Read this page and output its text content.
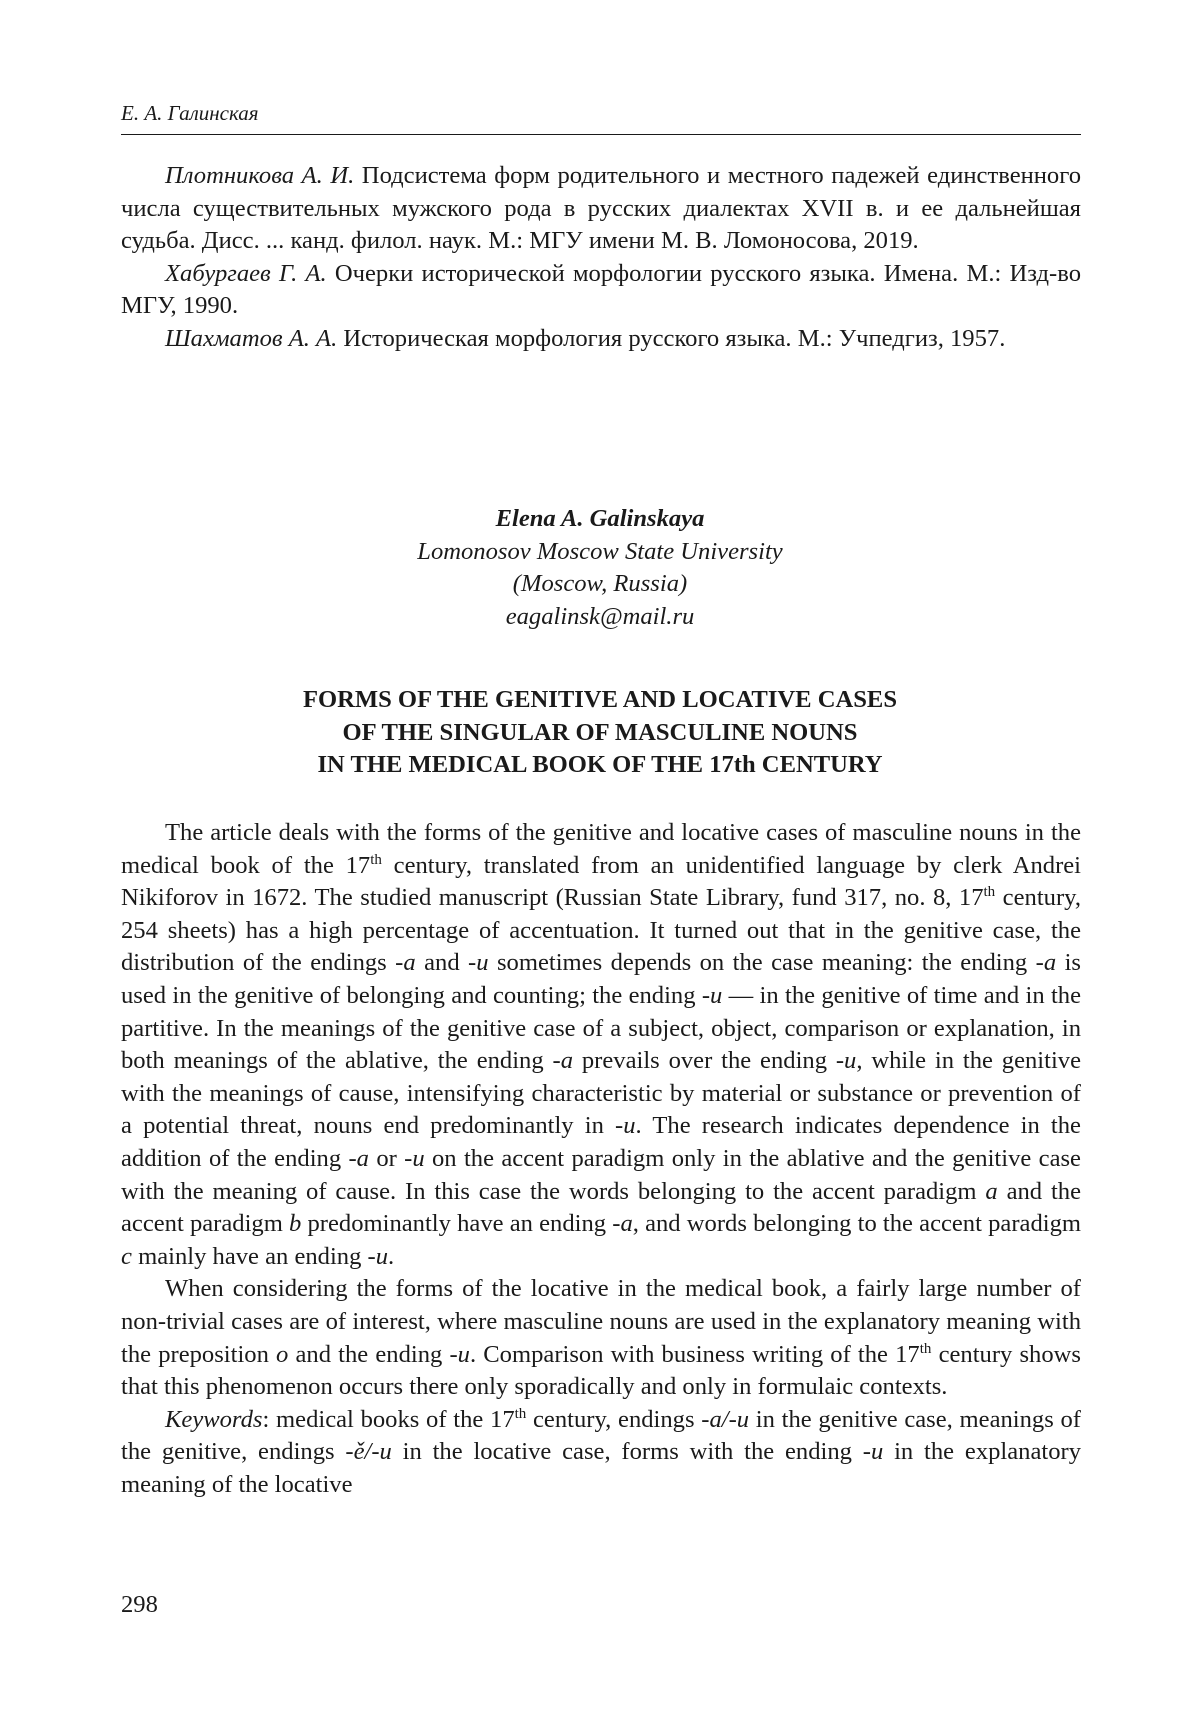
Е. А. Галинская

Плотникова А. И. Подсистема форм родительного и местного падежей единственного числа существительных мужского рода в русских диалектах XVII в. и ее дальнейшая судьба. Дисс. ... канд. филол. наук. М.: МГУ имени М. В. Ломоносова, 2019.

Хабургаев Г. А. Очерки исторической морфологии русского языка. Имена. М.: Изд-во МГУ, 1990.

Шахматов А. А. Историческая морфология русского языка. М.: Учпедгиз, 1957.

Elena A. Galinskaya
Lomonosov Moscow State University
(Moscow, Russia)
eagalinsk@mail.ru
FORMS OF THE GENITIVE AND LOCATIVE CASES
OF THE SINGULAR OF MASCULINE NOUNS
IN THE MEDICAL BOOK OF THE 17th CENTURY

The article deals with the forms of the genitive and locative cases of masculine nouns in the medical book of the 17th century, translated from an unidentified language by clerk Andrei Nikiforov in 1672. The studied manuscript (Russian State Library, fund 317, no. 8, 17th century, 254 sheets) has a high percentage of accentuation. It turned out that in the genitive case, the distribution of the endings -a and -u sometimes depends on the case meaning: the ending -a is used in the genitive of belonging and counting; the ending -u — in the genitive of time and in the partitive. In the meanings of the genitive case of a subject, object, comparison or explanation, in both meanings of the ablative, the ending -a prevails over the ending -u, while in the genitive with the meanings of cause, intensifying characteristic by material or substance or prevention of a potential threat, nouns end predominantly in -u. The research indicates dependence in the addition of the ending -a or -u on the accent paradigm only in the ablative and the genitive case with the meaning of cause. In this case the words belonging to the accent paradigm a and the accent paradigm b predominantly have an ending -a, and words belonging to the accent paradigm c mainly have an ending -u.

When considering the forms of the locative in the medical book, a fairly large number of non-trivial cases are of interest, where masculine nouns are used in the explanatory meaning with the preposition o and the ending -u. Comparison with business writing of the 17th century shows that this phenomenon occurs there only sporadically and only in formulaic contexts.

Keywords: medical books of the 17th century, endings -a/-u in the genitive case, meanings of the genitive, endings -ě/-u in the locative case, forms with the ending -u in the explanatory meaning of the locative

298
